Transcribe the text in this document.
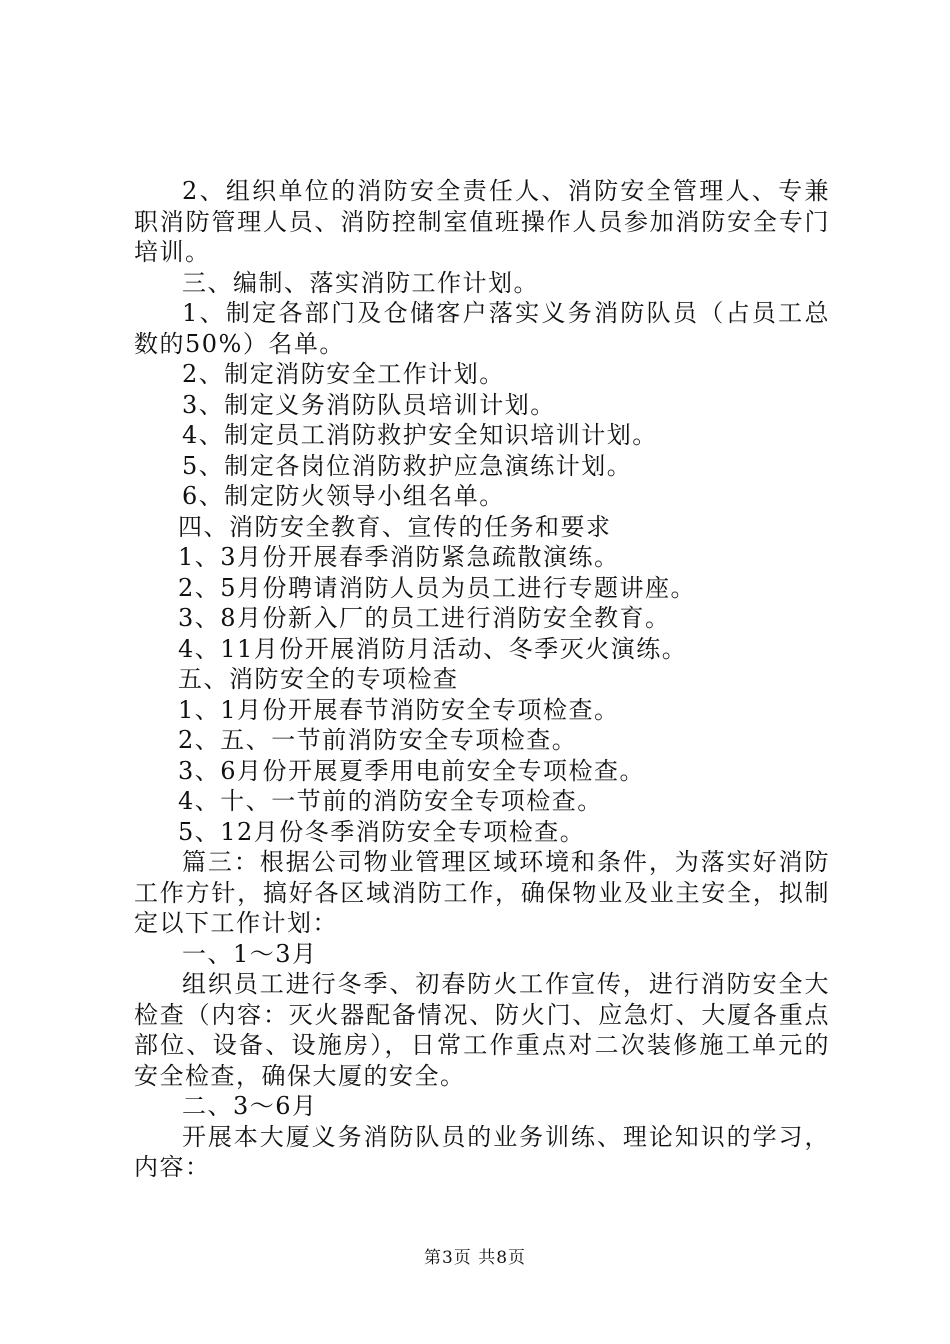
2、组织单位的消防安全责任人、消防安全管理人、专兼职消防管理人员、消防控制室值班操作人员参加消防安全专门培训。

三、编制、落实消防工作计划。

1、制定各部门及仓储客户落实义务消防队员（占员工总数的50%）名单。

2、制定消防安全工作计划。

3、制定义务消防队员培训计划。

4、制定员工消防救护安全知识培训计划。

5、制定各岗位消防救护应急演练计划。

6、制定防火领导小组名单。

四、消防安全教育、宣传的任务和要求

1、3月份开展春季消防紧急疏散演练。

2、5月份聘请消防人员为员工进行专题讲座。

3、8月份新入厂的员工进行消防安全教育。

4、11月份开展消防月活动、冬季灭火演练。

五、消防安全的专项检查

1、1月份开展春节消防安全专项检查。

2、五、一节前消防安全专项检查。

3、6月份开展夏季用电前安全专项检查。

4、十、一节前的消防安全专项检查。

5、12月份冬季消防安全专项检查。

篇三：根据公司物业管理区域环境和条件，为落实好消防工作方针，搞好各区域消防工作，确保物业及业主安全，拟制定以下工作计划：

一、1～3月

组织员工进行冬季、初春防火工作宣传，进行消防安全大检查（内容：灭火器配备情况、防火门、应急灯、大厦各重点部位、设备、设施房），日常工作重点对二次装修施工单元的安全检查，确保大厦的安全。

二、3～6月

开展本大厦义务消防队员的业务训练、理论知识的学习，内容：

第3页 共8页
